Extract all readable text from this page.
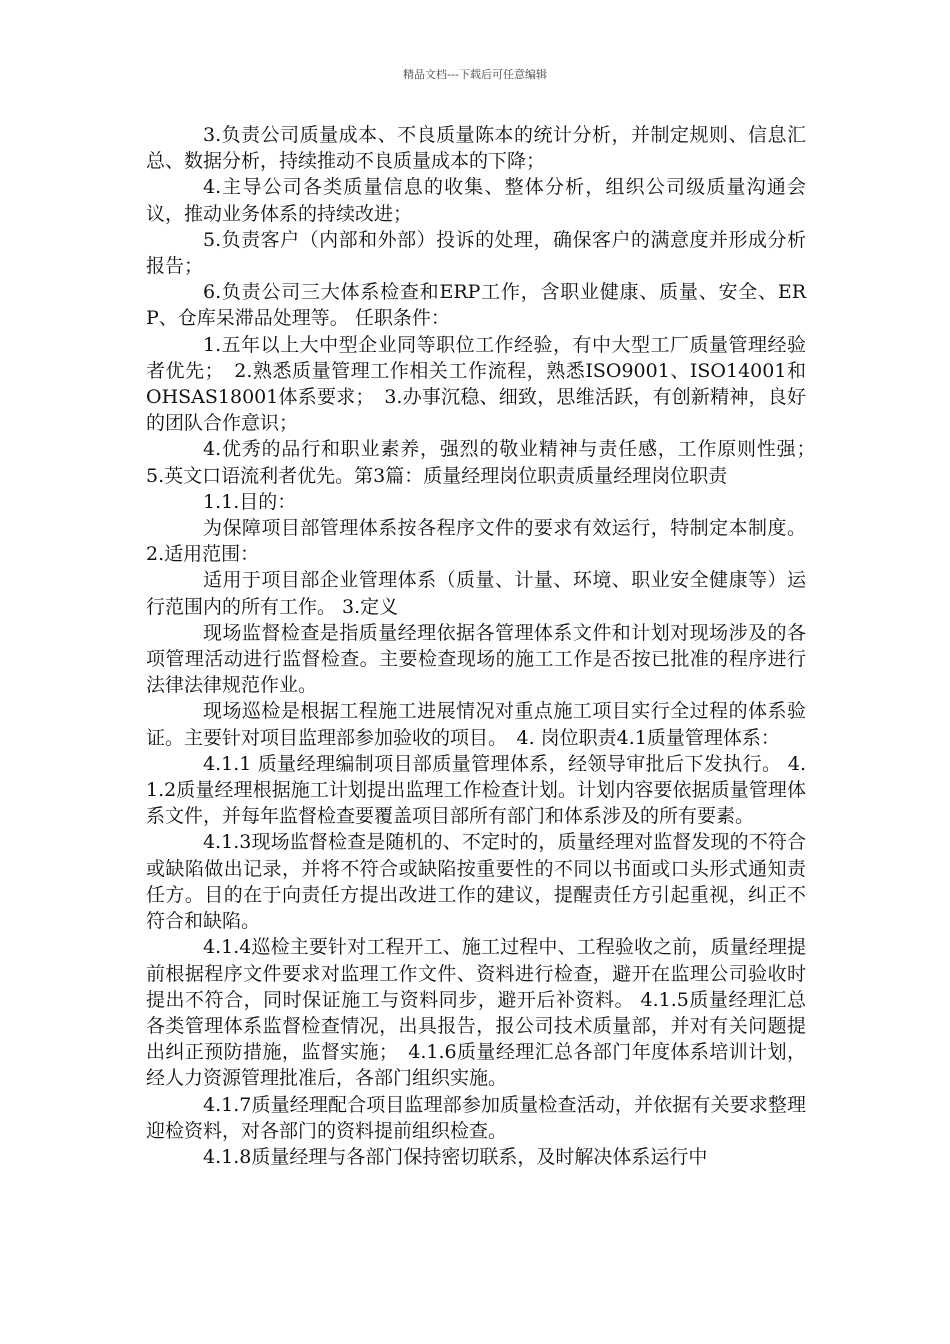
精品文档---下载后可任意编辑

3.负责公司质量成本、不良质量陈本的统计分析，并制定规则、信息汇总、数据分析，持续推动不良质量成本的下降；

4.主导公司各类质量信息的收集、整体分析，组织公司级质量沟通会议，推动业务体系的持续改进；

5.负责客户（内部和外部）投诉的处理，确保客户的满意度并形成分析报告；

6.负责公司三大体系检查和ERP工作，含职业健康、质量、安全、ERP、仓库呆滞品处理等。 任职条件：

1.五年以上大中型企业同等职位工作经验，有中大型工厂质量管理经验者优先；　2.熟悉质量管理工作相关工作流程，熟悉ISO9001、ISO14001和OHSAS18001体系要求；　3.办事沉稳、细致，思维活跃，有创新精神，良好的团队合作意识；

4.优秀的品行和职业素养，强烈的敬业精神与责任感，工作原则性强；　5.英文口语流利者优先。第3篇：质量经理岗位职责质量经理岗位职责

1.1.目的：

为保障项目部管理体系按各程序文件的要求有效运行，特制定本制度。 2.适用范围：

适用于项目部企业管理体系（质量、计量、环境、职业安全健康等）运行范围内的所有工作。 3.定义

现场监督检查是指质量经理依据各管理体系文件和计划对现场涉及的各项管理活动进行监督检查。主要检查现场的施工工作是否按已批准的程序进行法律法律规范作业。

现场巡检是根据工程施工进展情况对重点施工项目实行全过程的体系验证。主要针对项目监理部参加验收的项目。　4. 岗位职责4.1质量管理体系：

4.1.1 质量经理编制项目部质量管理体系，经领导审批后下发执行。 4.1.2质量经理根据施工计划提出监理工作检查计划。计划内容要依据质量管理体系文件，并每年监督检查要覆盖项目部所有部门和体系涉及的所有要素。

4.1.3现场监督检查是随机的、不定时的，质量经理对监督发现的不符合或缺陷做出记录，并将不符合或缺陷按重要性的不同以书面或口头形式通知责任方。目的在于向责任方提出改进工作的建议，提醒责任方引起重视，纠正不符合和缺陷。

4.1.4巡检主要针对工程开工、施工过程中、工程验收之前，质量经理提前根据程序文件要求对监理工作文件、资料进行检查，避开在监理公司验收时提出不符合，同时保证施工与资料同步，避开后补资料。 4.1.5质量经理汇总各类管理体系监督检查情况，出具报告，报公司技术质量部，并对有关问题提出纠正预防措施，监督实施；　4.1.6质量经理汇总各部门年度体系培训计划，经人力资源管理批准后，各部门组织实施。

4.1.7质量经理配合项目监理部参加质量检查活动，并依据有关要求整理迎检资料，对各部门的资料提前组织检查。

4.1.8质量经理与各部门保持密切联系，及时解决体系运行中
